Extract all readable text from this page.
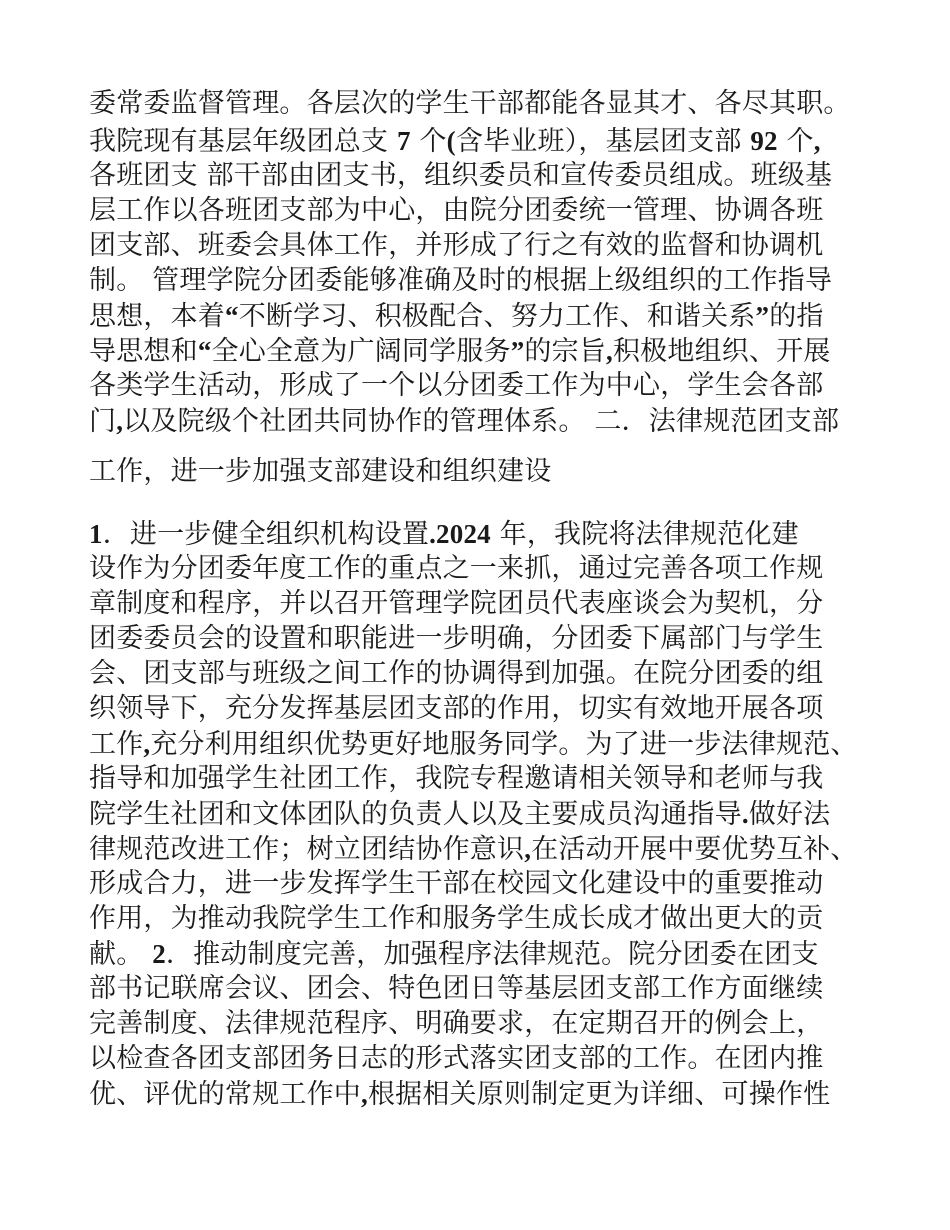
委常委监督管理。各层次的学生干部都能各显其才、各尽其职。
我院现有基层年级团总支 7 个(含毕业班），基层团支部 92 个,
各班团支 部干部由团支书，组织委员和宣传委员组成。班级基
层工作以各班团支部为中心，由院分团委统一管理、协调各班
团支部、班委会具体工作，并形成了行之有效的监督和协调机
制。 管理学院分团委能够准确及时的根据上级组织的工作指导
思想，本着“不断学习、积极配合、努力工作、和谐关系”的指
导思想和“全心全意为广阔同学服务”的宗旨,积极地组织、开展
各类学生活动，形成了一个以分团委工作为中心，学生会各部
门,以及院级个社团共同协作的管理体系。 二．法律规范团支部
工作，进一步加强支部建设和组织建设
1．进一步健全组织机构设置.2024 年，我院将法律规范化建
设作为分团委年度工作的重点之一来抓，通过完善各项工作规
章制度和程序，并以召开管理学院团员代表座谈会为契机，分
团委委员会的设置和职能进一步明确，分团委下属部门与学生
会、团支部与班级之间工作的协调得到加强。在院分团委的组
织领导下，充分发挥基层团支部的作用，切实有效地开展各项
工作,充分利用组织优势更好地服务同学。为了进一步法律规范、
指导和加强学生社团工作，我院专程邀请相关领导和老师与我
院学生社团和文体团队的负责人以及主要成员沟通指导.做好法
律规范改进工作；树立团结协作意识,在活动开展中要优势互补、
形成合力，进一步发挥学生干部在校园文化建设中的重要推动
作用，为推动我院学生工作和服务学生成长成才做出更大的贡
献。 2．推动制度完善，加强程序法律规范。院分团委在团支
部书记联席会议、团会、特色团日等基层团支部工作方面继续
完善制度、法律规范程序、明确要求，在定期召开的例会上，
以检查各团支部团务日志的形式落实团支部的工作。在团内推
优、评优的常规工作中,根据相关原则制定更为详细、可操作性
